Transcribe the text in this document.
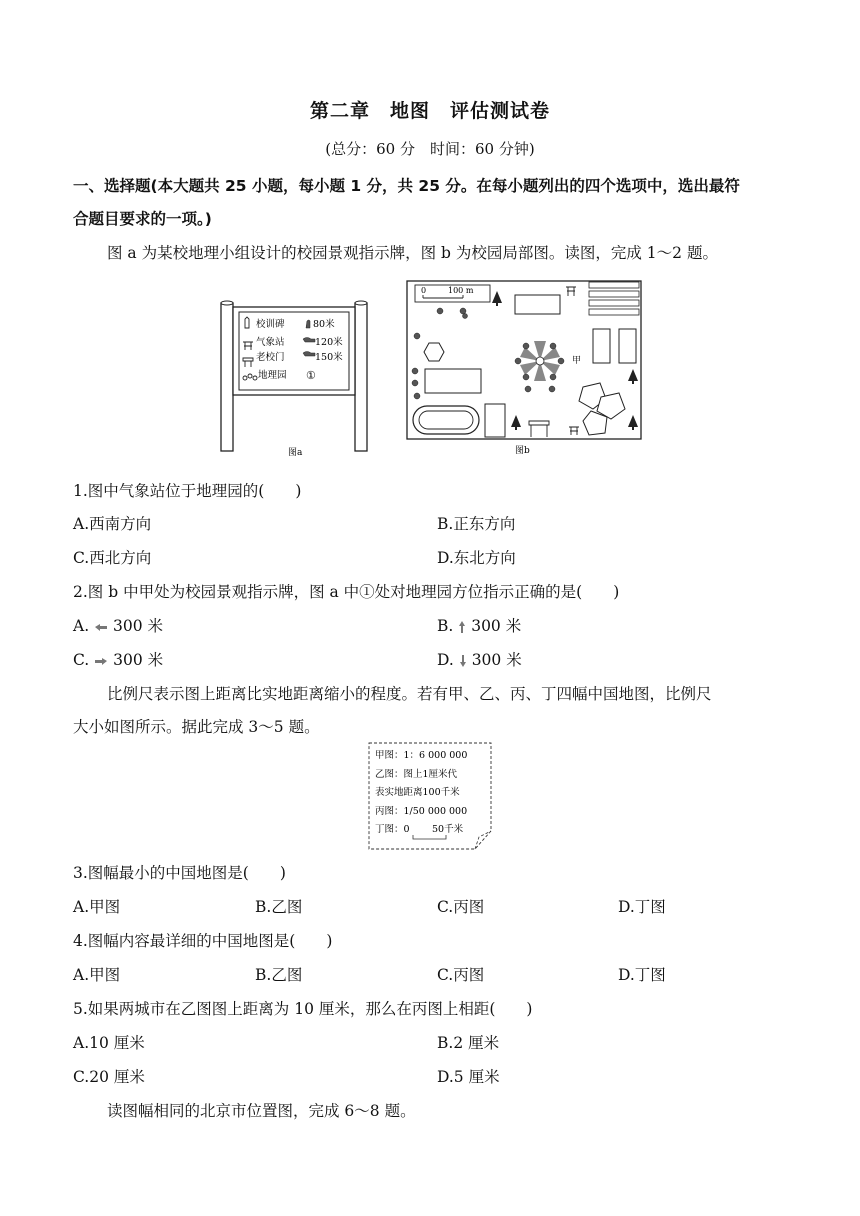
第二章　地图　评估测试卷
(总分：60 分　时间：60 分钟)
一、选择题(本大题共 25 小题，每小题 1 分，共 25 分。在每小题列出的四个选项中，选出最符
合题目要求的一项。)
图 a 为某校地理小组设计的校园景观指示牌，图 b 为校园局部图。读图，完成 1～2 题。
校训碑	80米
气象站	120米
老校门	150米
地理园 ①
图a
0	100 m
甲
图b
1.图中气象站位于地理园的(　　)
A.西南方向	B.正东方向
C.西北方向	D.东北方向
2.图 b 中甲处为校园景观指示牌，图 a 中①处对地理园方位指示正确的是(　　)
A. 300 米	B. 300 米
C. 300 米	D. 300 米
比例尺表示图上距离比实地距离缩小的程度。若有甲、乙、丙、丁四幅中国地图，比例尺
大小如图所示。据此完成 3～5 题。
甲图：1：6 000 000
乙图：图上1厘米代
表实地距离100千米
丙图：1/50 000 000
丁图：0 50千米
3.图幅最小的中国地图是(　　)
A.甲图	B.乙图	C.丙图	D.丁图
4.图幅内容最详细的中国地图是(　　)
A.甲图	B.乙图	C.丙图	D.丁图
5.如果两城市在乙图图上距离为 10 厘米，那么在丙图上相距(　　)
A.10 厘米	B.2 厘米
C.20 厘米	D.5 厘米
读图幅相同的北京市位置图，完成 6～8 题。
